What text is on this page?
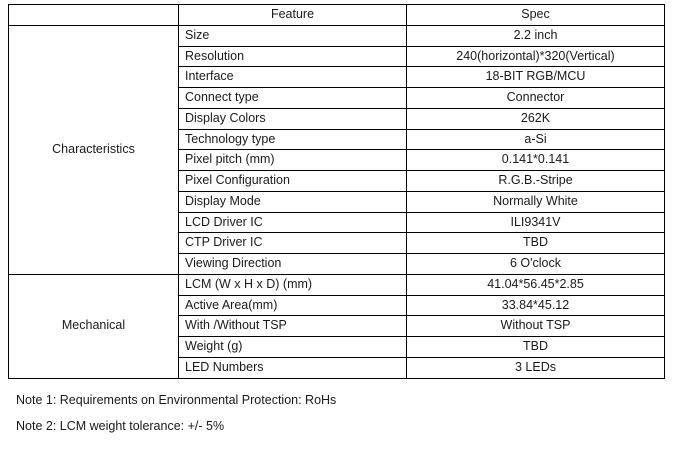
	Feature	Spec
Characteristics	Size	2.2 inch
	Resolution	240(horizontal)*320(Vertical)
	Interface	18-BIT RGB/MCU
	Connect type	Connector
	Display Colors	262K
	Technology type	a-Si
	Pixel pitch (mm)	0.141*0.141
	Pixel Configuration	R.G.B.-Stripe
	Display Mode	Normally White
	LCD Driver IC	ILI9341V
	CTP Driver IC	TBD
	Viewing Direction	6 O'clock
Mechanical	LCM (W x H x D) (mm)	41.04*56.45*2.85
	Active Area(mm)	33.84*45.12
	With /Without TSP	Without TSP
	Weight (g)	TBD
	LED Numbers	3 LEDs
Note 1: Requirements on Environmental Protection: RoHs
Note 2: LCM weight tolerance: +/- 5%
